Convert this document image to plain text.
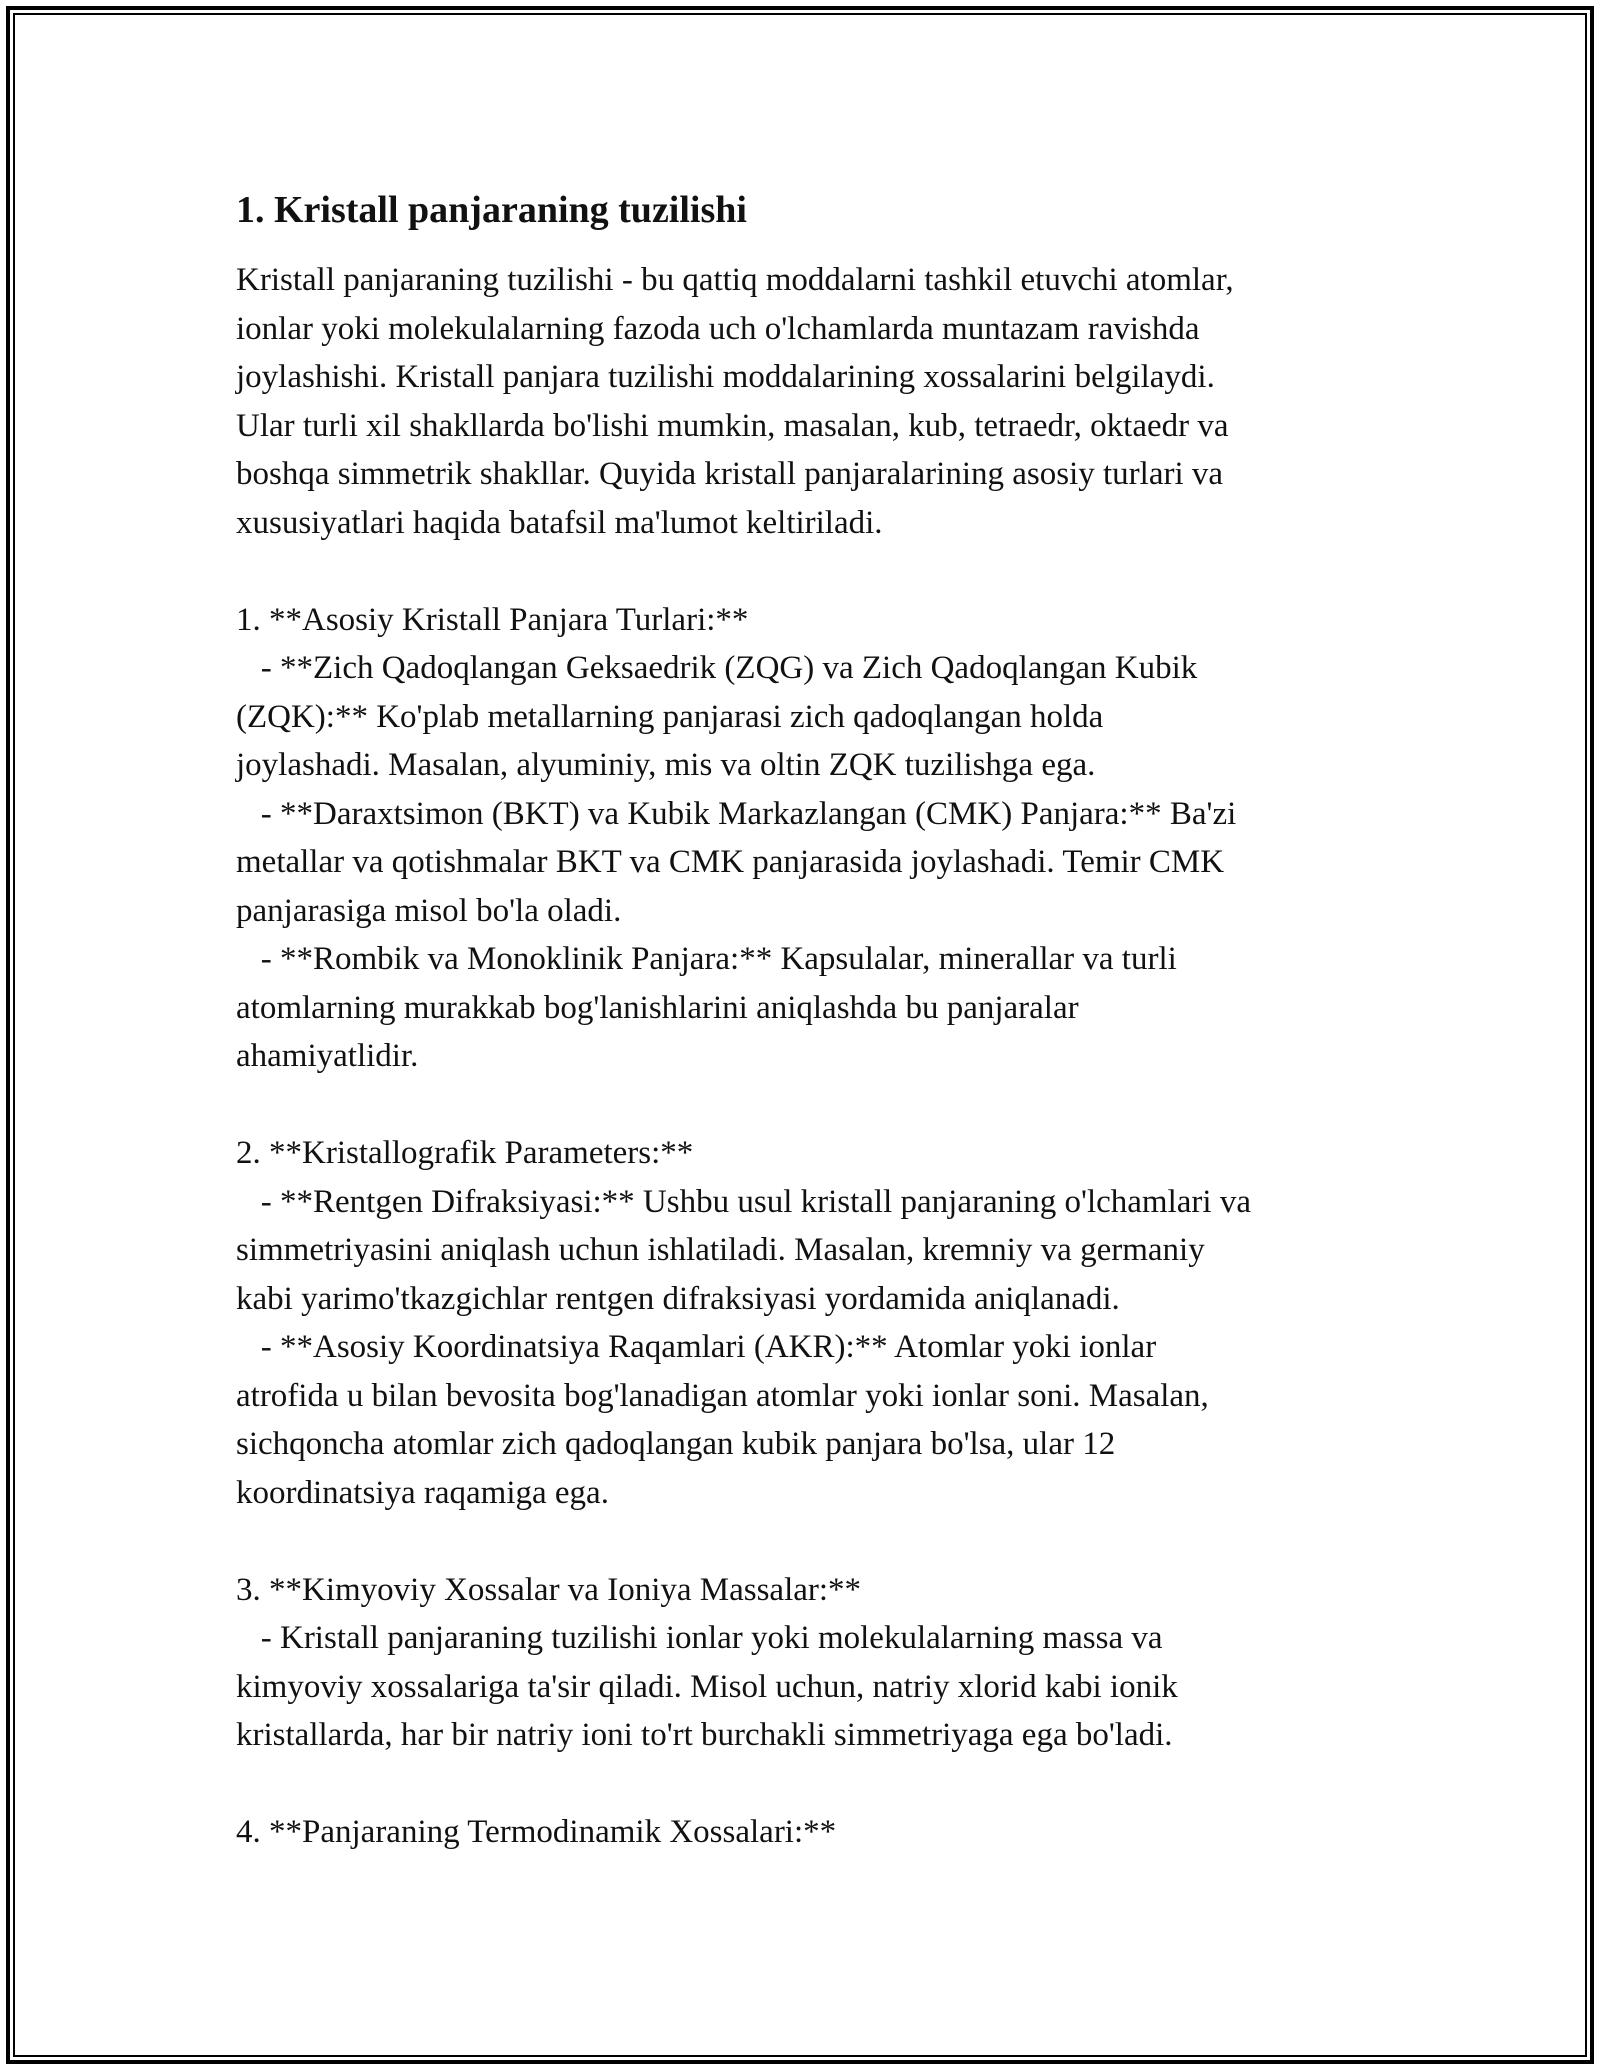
1. Kristall panjaraning tuzilishi
Kristall panjaraning tuzilishi - bu qattiq moddalarni tashkil etuvchi atomlar,
ionlar yoki molekulalarning fazoda uch o'lchamlarda muntazam ravishda
joylashishi. Kristall panjara tuzilishi moddalarining xossalarini belgilaydi.
Ular turli xil shakllarda bo'lishi mumkin, masalan, kub, tetraedr, oktaedr va
boshqa simmetrik shakllar. Quyida kristall panjaralarining asosiy turlari va
xususiyatlari haqida batafsil ma'lumot keltiriladi.

1. **Asosiy Kristall Panjara Turlari:**
- **Zich Qadoqlangan Geksaedrik (ZQG) va Zich Qadoqlangan Kubik
(ZQK):** Ko'plab metallarning panjarasi zich qadoqlangan holda
joylashadi. Masalan, alyuminiy, mis va oltin ZQK tuzilishga ega.
- **Daraxtsimon (BKT) va Kubik Markazlangan (CMK) Panjara:** Ba'zi
metallar va qotishmalar BKT va CMK panjarasida joylashadi. Temir CMK
panjarasiga misol bo'la oladi.
- **Rombik va Monoklinik Panjara:** Kapsulalar, minerallar va turli
atomlarning murakkab bog'lanishlarini aniqlashda bu panjaralar
ahamiyatlidir.

2. **Kristallografik Parameters:**
- **Rentgen Difraksiyasi:** Ushbu usul kristall panjaraning o'lchamlari va
simmetriyasini aniqlash uchun ishlatiladi. Masalan, kremniy va germaniy
kabi yarimo'tkazgichlar rentgen difraksiyasi yordamida aniqlanadi.
- **Asosiy Koordinatsiya Raqamlari (AKR):** Atomlar yoki ionlar
atrofida u bilan bevosita bog'lanadigan atomlar yoki ionlar soni. Masalan,
sichqoncha atomlar zich qadoqlangan kubik panjara bo'lsa, ular 12
koordinatsiya raqamiga ega.

3. **Kimyoviy Xossalar va Ioniya Massalar:**
- Kristall panjaraning tuzilishi ionlar yoki molekulalarning massa va
kimyoviy xossalariga ta'sir qiladi. Misol uchun, natriy xlorid kabi ionik
kristallarda, har bir natriy ioni to'rt burchakli simmetriyaga ega bo'ladi.

4. **Panjaraning Termodinamik Xossalari:**
